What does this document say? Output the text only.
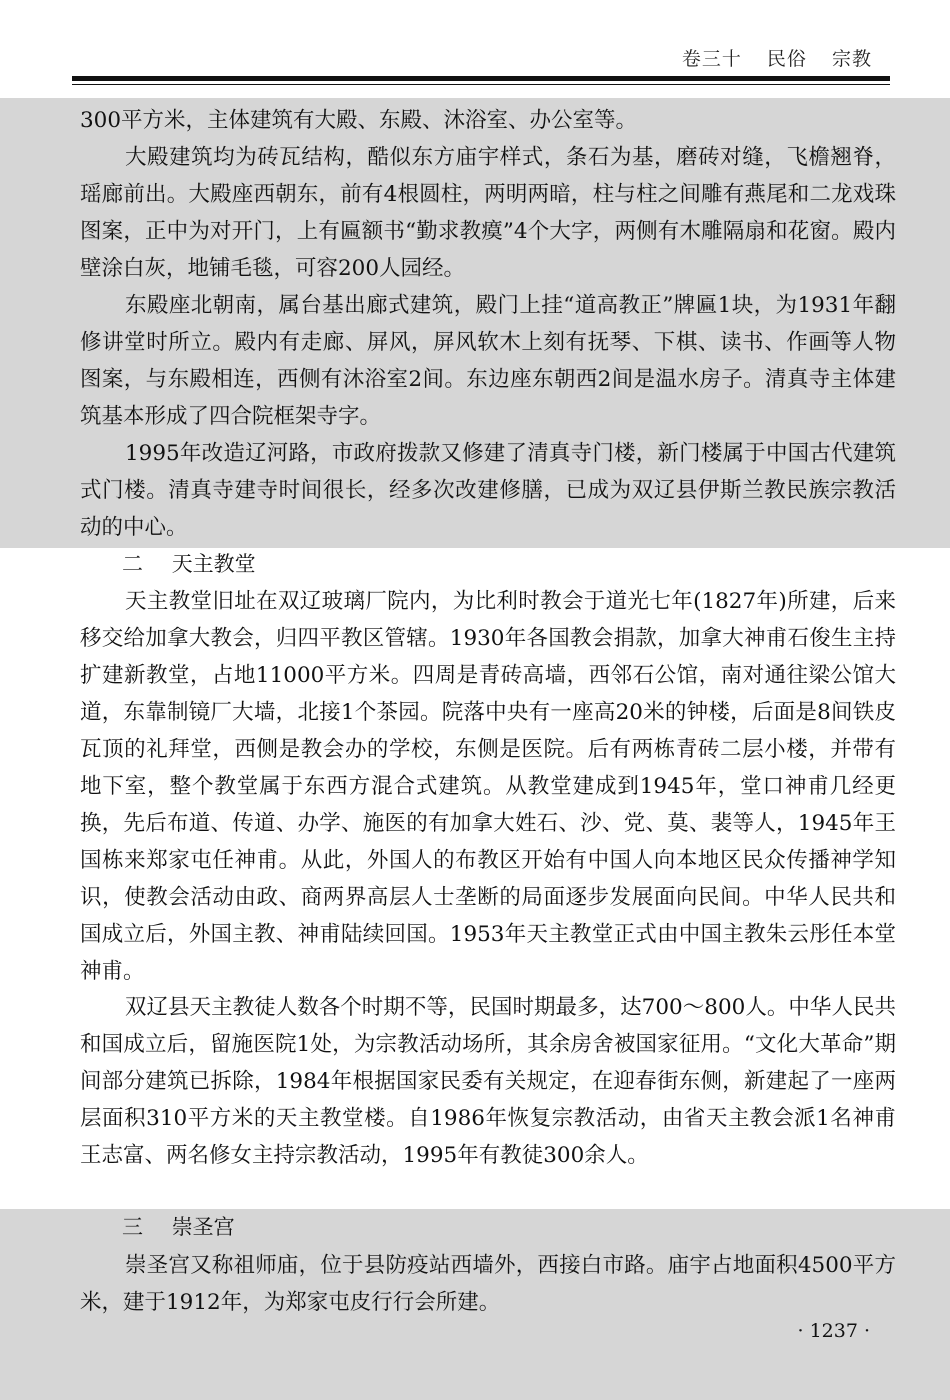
卷三十 民俗 宗教

300平方米，主体建筑有大殿、东殿、沐浴室、办公室等。

大殿建筑均为砖瓦结构，酷似东方庙宇样式，条石为基，磨砖对缝，飞檐翘脊，瑶廊前出。大殿座西朝东，前有4根圆柱，两明两暗，柱与柱之间雕有燕尾和二龙戏珠图案，正中为对开门，上有匾额书“勤求教瘼”4个大字，两侧有木雕隔扇和花窗。殿内壁涂白灰，地铺毛毯，可容200人园经。

东殿座北朝南，属台基出廊式建筑，殿门上挂“道高教正”牌匾1块，为1931年翻修讲堂时所立。殿内有走廊、屏风，屏风软木上刻有抚琴、下棋、读书、作画等人物图案，与东殿相连，西侧有沐浴室2间。东边座东朝西2间是温水房子。清真寺主体建筑基本形成了四合院框架寺字。

1995年改造辽河路，市政府拨款又修建了清真寺门楼，新门楼属于中国古代建筑式门楼。清真寺建寺时间很长，经多次改建修膳，已成为双辽县伊斯兰教民族宗教活动的中心。

二 天主教堂

天主教堂旧址在双辽玻璃厂院内，为比利时教会于道光七年(1827年)所建，后来移交给加拿大教会，归四平教区管辖。1930年各国教会捐款，加拿大神甫石俊生主持扩建新教堂，占地11000平方米。四周是青砖高墙，西邻石公馆，南对通往梁公馆大道，东靠制镜厂大墙，北接1个茶园。院落中央有一座高20米的钟楼，后面是8间铁皮瓦顶的礼拜堂，西侧是教会办的学校，东侧是医院。后有两栋青砖二层小楼，并带有地下室，整个教堂属于东西方混合式建筑。从教堂建成到1945年，堂口神甫几经更换，先后布道、传道、办学、施医的有加拿大姓石、沙、党、莫、裴等人，1945年王国栋来郑家屯任神甫。从此，外国人的布教区开始有中国人向本地区民众传播神学知识，使教会活动由政、商两界高层人士垄断的局面逐步发展面向民间。中华人民共和国成立后，外国主教、神甫陆续回国。1953年天主教堂正式由中国主教朱云彤任本堂神甫。

双辽县天主教徒人数各个时期不等，民国时期最多，达700～800人。中华人民共和国成立后，留施医院1处，为宗教活动场所，其余房舍被国家征用。“文化大革命”期间部分建筑已拆除，1984年根据国家民委有关规定，在迎春街东侧，新建起了一座两层面积310平方米的天主教堂楼。自1986年恢复宗教活动，由省天主教会派1名神甫王志富、两名修女主持宗教活动，1995年有教徒300余人。

三 崇圣宫

崇圣宫又称祖师庙，位于县防疫站西墙外，西接白市路。庙宇占地面积4500平方米，建于1912年，为郑家屯皮行行会所建。

· 1237 ·
